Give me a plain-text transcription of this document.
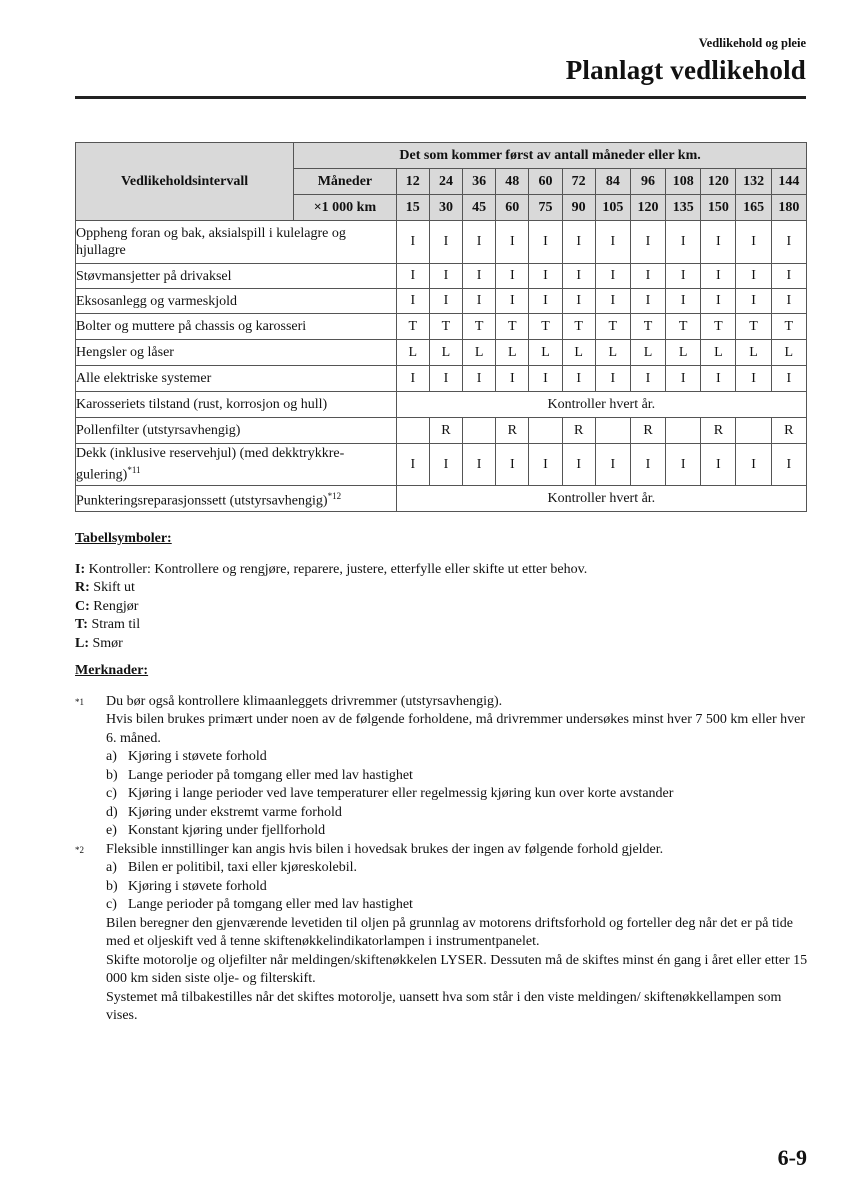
Vedlikehold og pleie
Planlagt vedlikehold
Vedlikeholdsintervall	Det som kommer først av antall måneder eller km.												
	Måneder	12	24	36	48	60	72	84	96	108	120	132	144
	×1 000 km	15	30	45	60	75	90	105	120	135	150	165	180
Oppheng foran og bak, aksialspill i kulelagre og hjullagre		I	I	I	I	I	I	I	I	I	I	I	I
Støvmansjetter på drivaksel		I	I	I	I	I	I	I	I	I	I	I	I
Eksosanlegg og varmeskjold		I	I	I	I	I	I	I	I	I	I	I	I
Bolter og muttere på chassis og karosseri		T	T	T	T	T	T	T	T	T	T	T	T
Hengsler og låser		L	L	L	L	L	L	L	L	L	L	L	L
Alle elektriske systemer		I	I	I	I	I	I	I	I	I	I	I	I
Karosseriets tilstand (rust, korrosjon og hull)		Kontroller hvert år.											
Pollenfilter (utstyrsavhengig)			R		R		R		R		R		R
Dekk (inklusive reservehjul) (med dekktrykkre-gulering)$^{*11}$		I	I	I	I	I	I	I	I	I	I	I	I
Punkteringsreparasjonssett (utstyrsavhengig)$^{*12}$		Kontroller hvert år.											
Tabellsymboler:
I: Kontroller: Kontrollere og rengjøre, reparere, justere, etterfylle eller skifte ut etter behov.
R: Skift ut
C: Rengjør
T: Stram til
L: Smør
Merknader:
$^{*1}$ Du bør også kontrollere klimaanleggets drivremmer (utstyrsavhengig).

Hvis bilen brukes primært under noen av de følgende forholdene, må drivremmer undersøkes minst hver 7 500 km eller hver 6. måned.

a) Kjøring i støvete forhold
b) Lange perioder på tomgang eller med lav hastighet
c) Kjøring i lange perioder ved lave temperaturer eller regelmessig kjøring kun over korte avstander
d) Kjøring under ekstremt varme forhold
e) Konstant kjøring under fjellforhold
$^{*2}$ Fleksible innstillinger kan angis hvis bilen i hovedsak brukes der ingen av følgende forhold gjelder.

a) Bilen er politibil, taxi eller kjøreskolebil.
b) Kjøring i støvete forhold
c) Lange perioder på tomgang eller med lav hastighet

Bilen beregner den gjenværende levetiden til oljen på grunnlag av motorens driftsforhold og forteller deg når det er på tide med et oljeskift ved å tenne skiftenøkkelindikatorlampen i instrumentpanelet.

Skifte motorolje og oljefilter når meldingen/skiftenøkkelen LYSER. Dessuten må de skiftes minst én gang i året eller etter 15 000 km siden siste olje- og filterskift.

Systemet må tilbakestilles når det skiftes motorolje, uansett hva som står i den viste meldingen/ skiftenøkkellampen som vises.

6-9
